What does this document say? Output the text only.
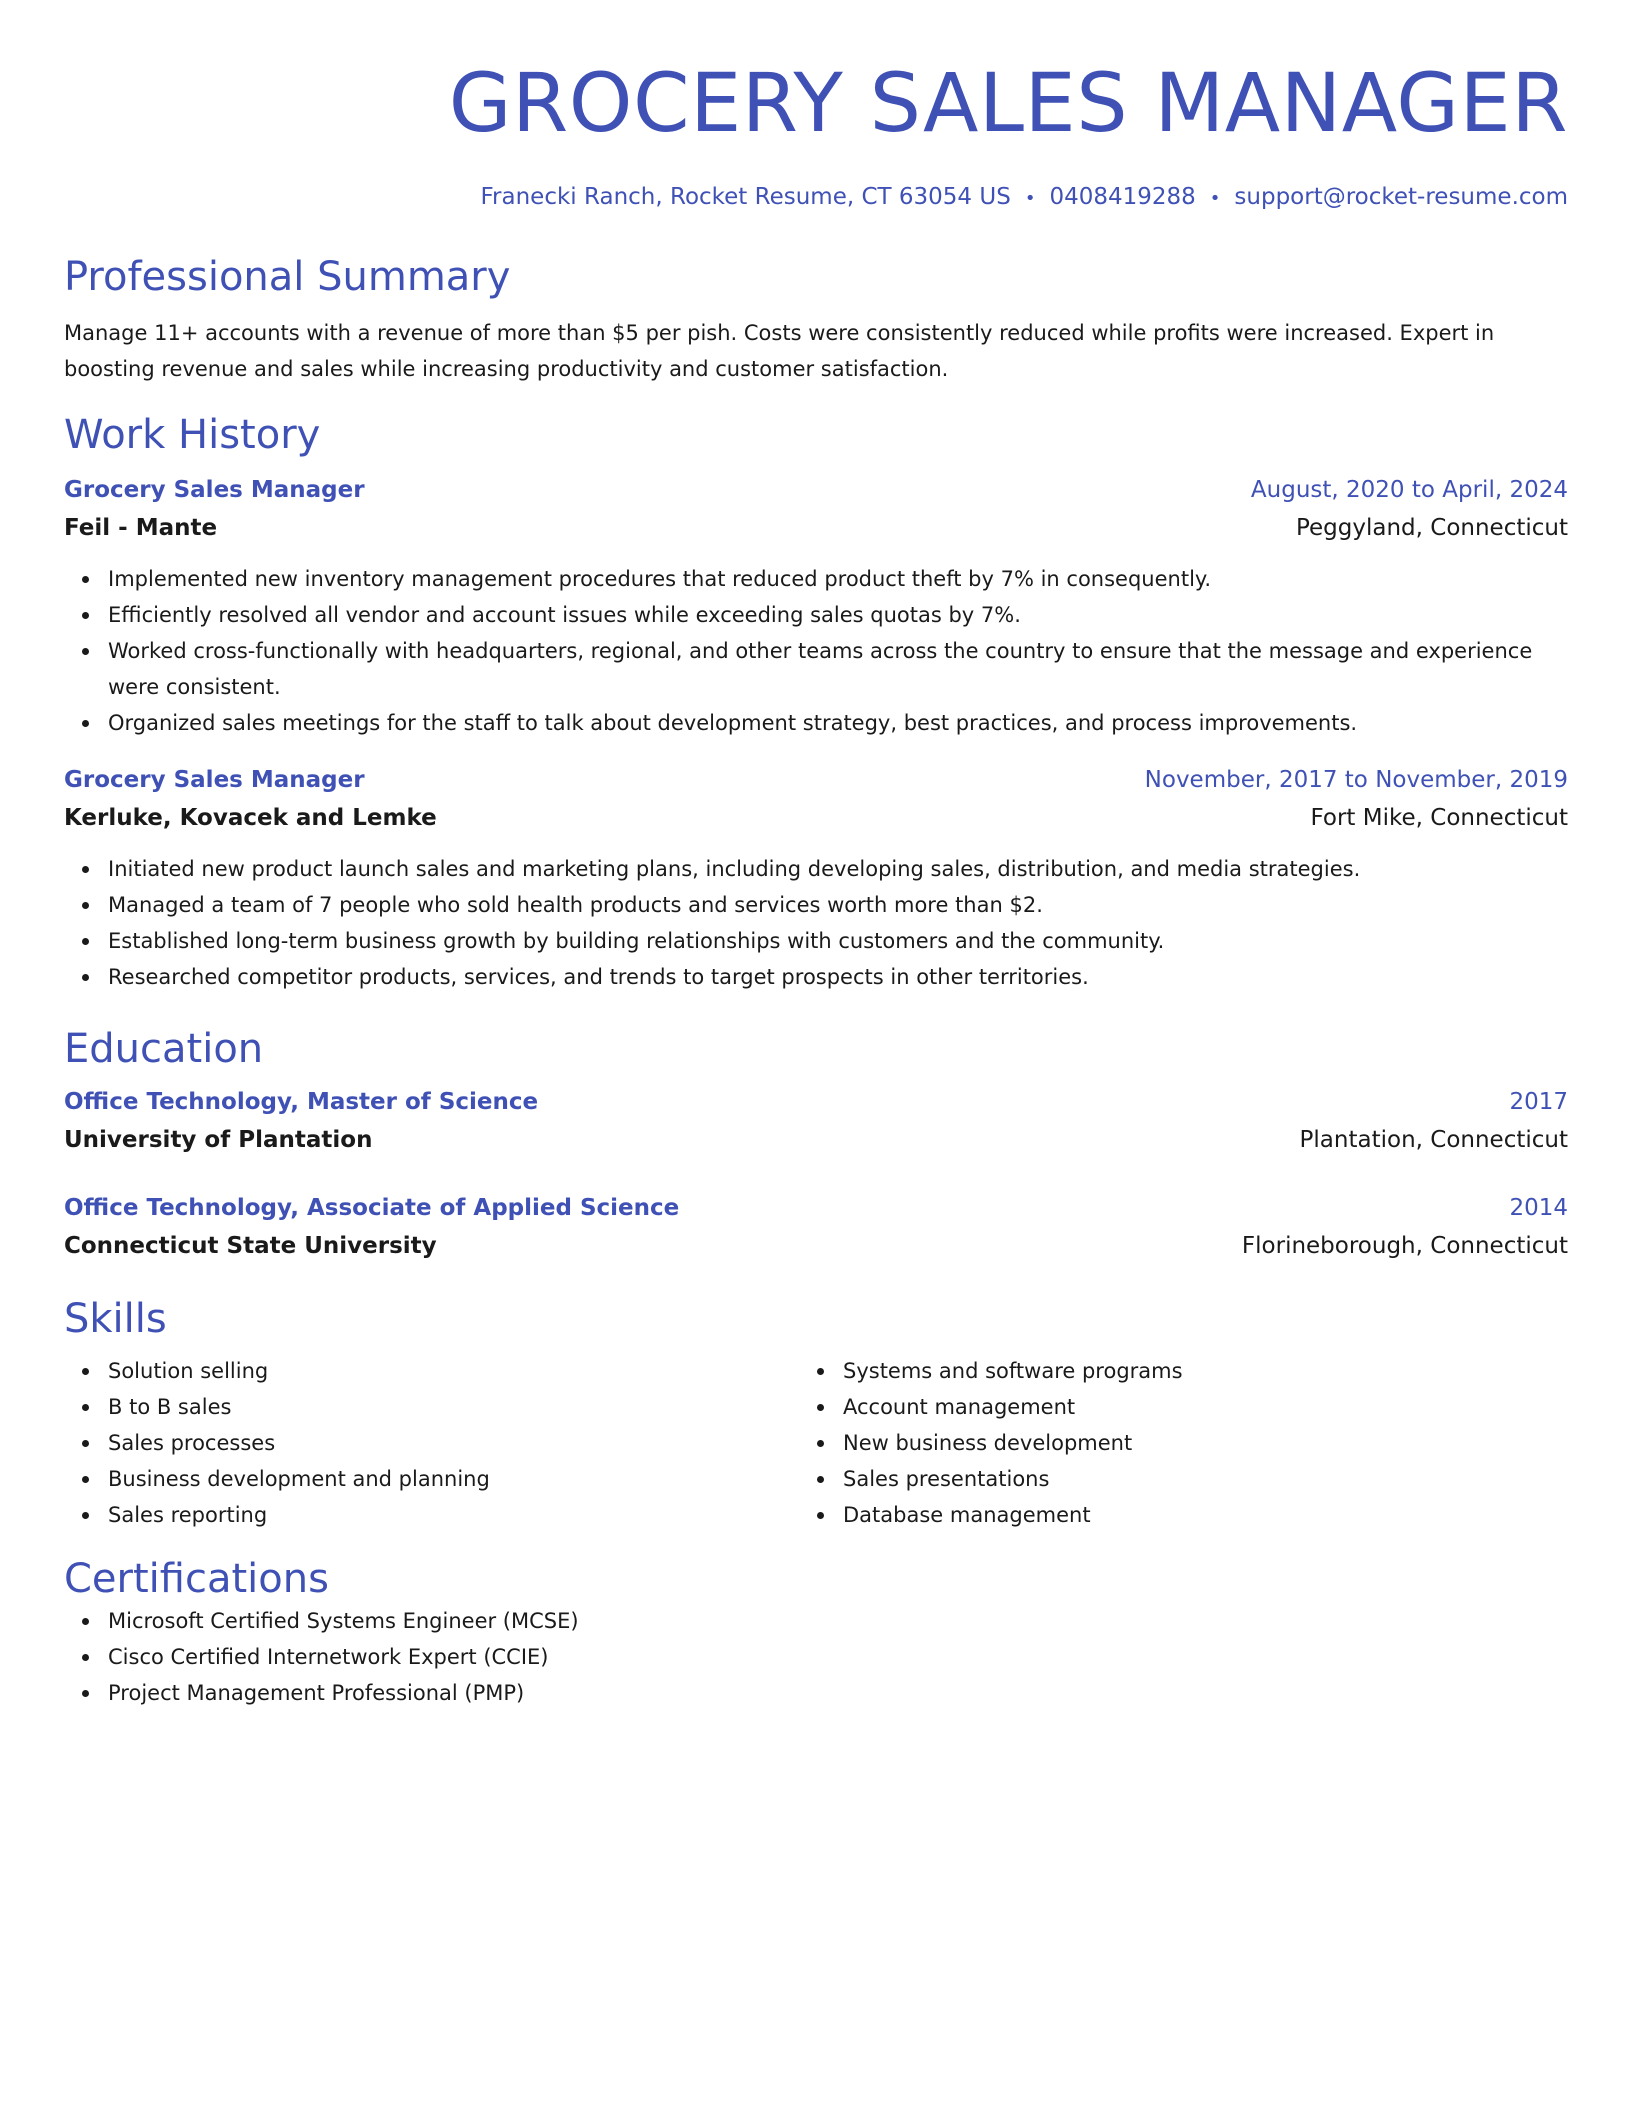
GROCERY SALES MANAGER
Franecki Ranch, Rocket Resume, CT 63054 US • 0408419288 • support@rocket-resume.com
Professional Summary
Manage 11+ accounts with a revenue of more than $5 per pish. Costs were consistently reduced while profits were increased. Expert in boosting revenue and sales while increasing productivity and customer satisfaction.
Work History
Grocery Sales Manager	August, 2020 to April, 2024
Feil - Mante	Peggyland, Connecticut
Implemented new inventory management procedures that reduced product theft by 7% in consequently.
Efficiently resolved all vendor and account issues while exceeding sales quotas by 7%.
Worked cross-functionally with headquarters, regional, and other teams across the country to ensure that the message and experience were consistent.
Organized sales meetings for the staff to talk about development strategy, best practices, and process improvements.
Grocery Sales Manager	November, 2017 to November, 2019
Kerluke, Kovacek and Lemke	Fort Mike, Connecticut
Initiated new product launch sales and marketing plans, including developing sales, distribution, and media strategies.
Managed a team of 7 people who sold health products and services worth more than $2.
Established long-term business growth by building relationships with customers and the community.
Researched competitor products, services, and trends to target prospects in other territories.
Education
Office Technology, Master of Science	2017
University of Plantation	Plantation, Connecticut
Office Technology, Associate of Applied Science	2014
Connecticut State University	Florineborough, Connecticut
Skills
Solution selling
B to B sales
Sales processes
Business development and planning
Sales reporting
Systems and software programs
Account management
New business development
Sales presentations
Database management
Certifications
Microsoft Certified Systems Engineer (MCSE)
Cisco Certified Internetwork Expert (CCIE)
Project Management Professional (PMP)
